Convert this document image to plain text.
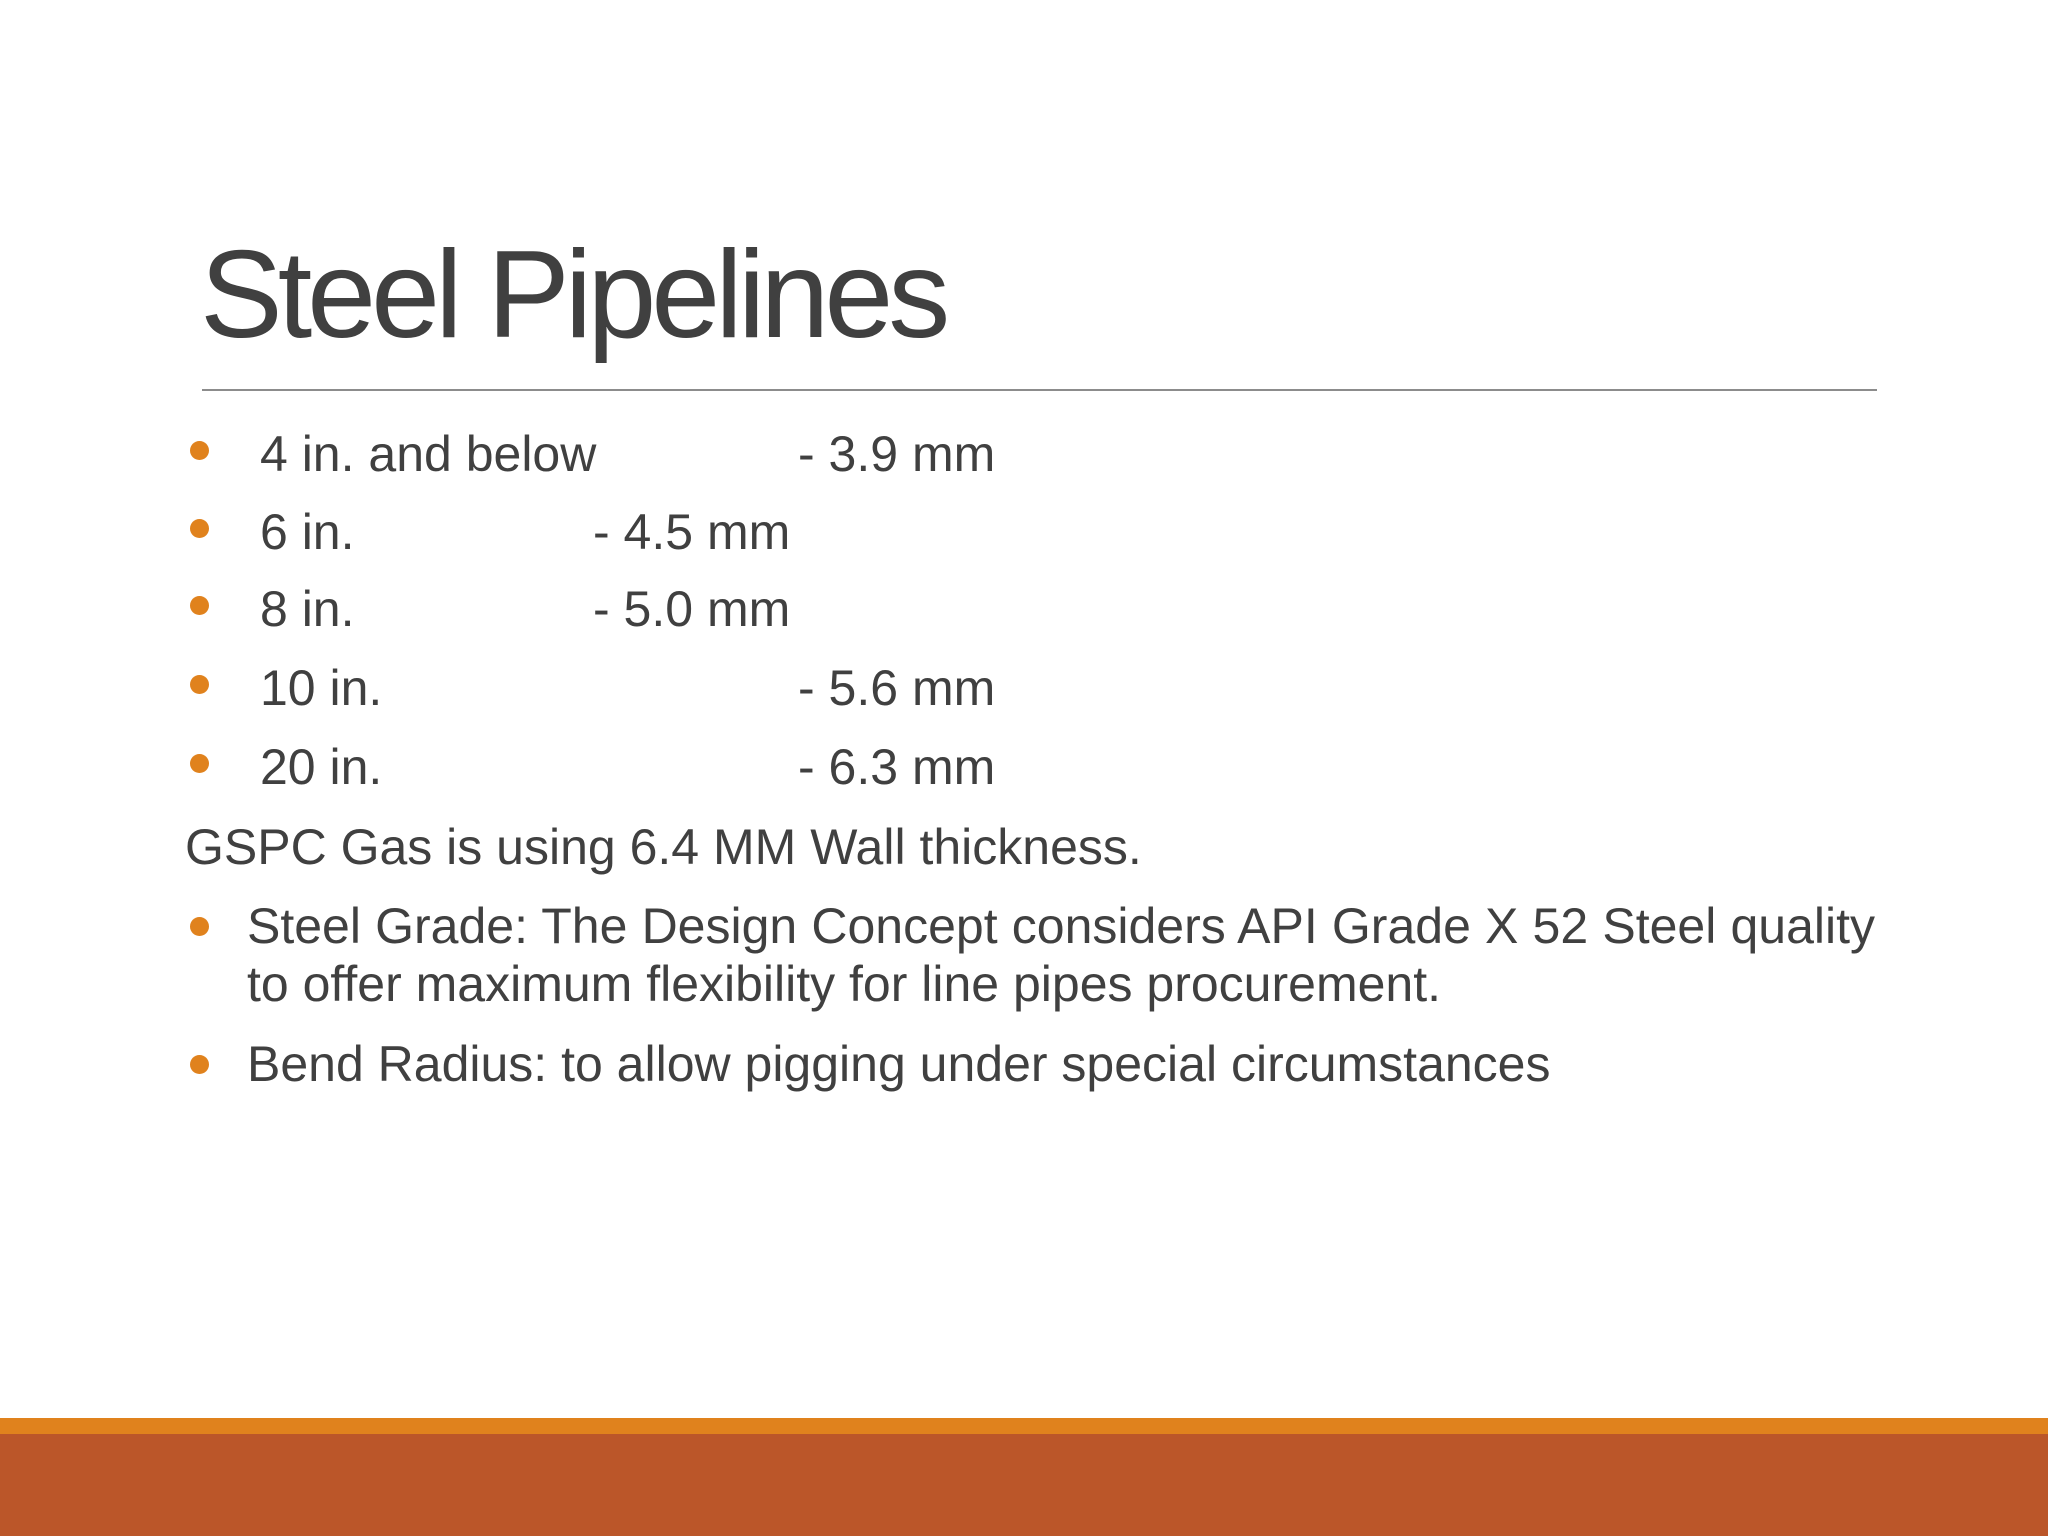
Steel Pipelines
4 in. and below	- 3.9 mm
6 in.	- 4.5 mm
8 in.	- 5.0 mm
10 in.	- 5.6 mm
20 in.	- 6.3 mm
GSPC Gas is using 6.4 MM Wall thickness.
Steel Grade: The Design Concept considers API Grade X 52 Steel quality to offer maximum flexibility for line pipes procurement.
Bend Radius: to allow pigging under special circumstances
